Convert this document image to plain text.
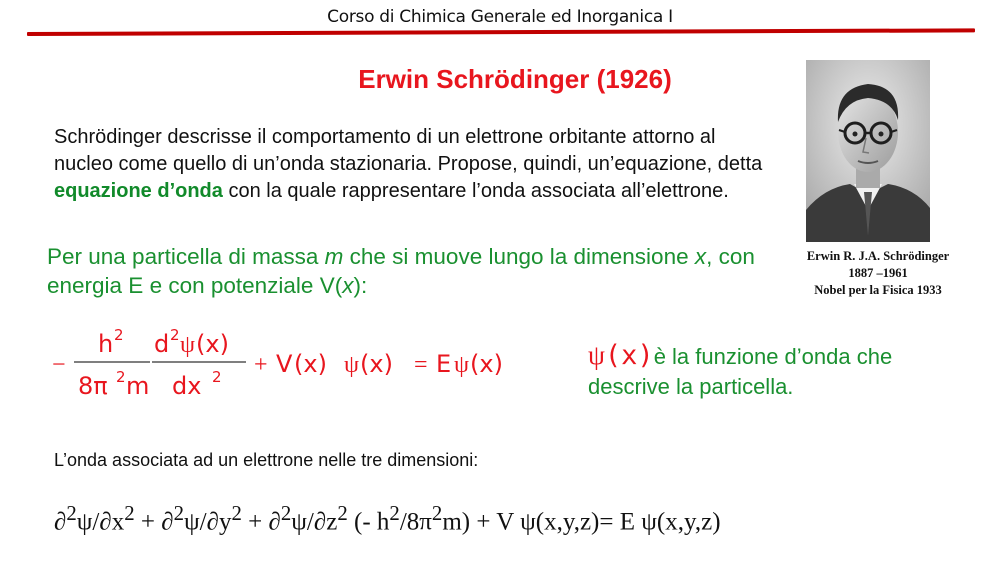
Corso di Chimica Generale ed Inorganica I
Erwin Schrödinger (1926)
Schrödinger descrisse il comportamento di un elettrone orbitante attorno al nucleo come quello di un’onda stazionaria. Propose, quindi, un’equazione, detta equazione d’onda con la quale rappresentare l’onda associata all’elettrone.
Per una particella di massa m che si muove lungo la dimensione x, con energia E e con potenziale V(x):
Erwin R. J.A. Schrödinger
1887 –1961
Nobel per la Fisica 1933
−
h 2
8π 2 m
d 2 ψ (x)
dx 2 + V (x) ψ (x) = E ψ (x)	ψ(x)è la funzione d’onda che descrive la particella.
L’onda associata ad un elettrone nelle tre dimensioni:
$\partial^2\psi/\partial x^2 + \partial^2\psi/\partial y^2 + \partial^2\psi/\partial z^2$ (- $h^2/8\pi^2m) + V$ ψ(x,y,z)= E ψ(x,y,z)
